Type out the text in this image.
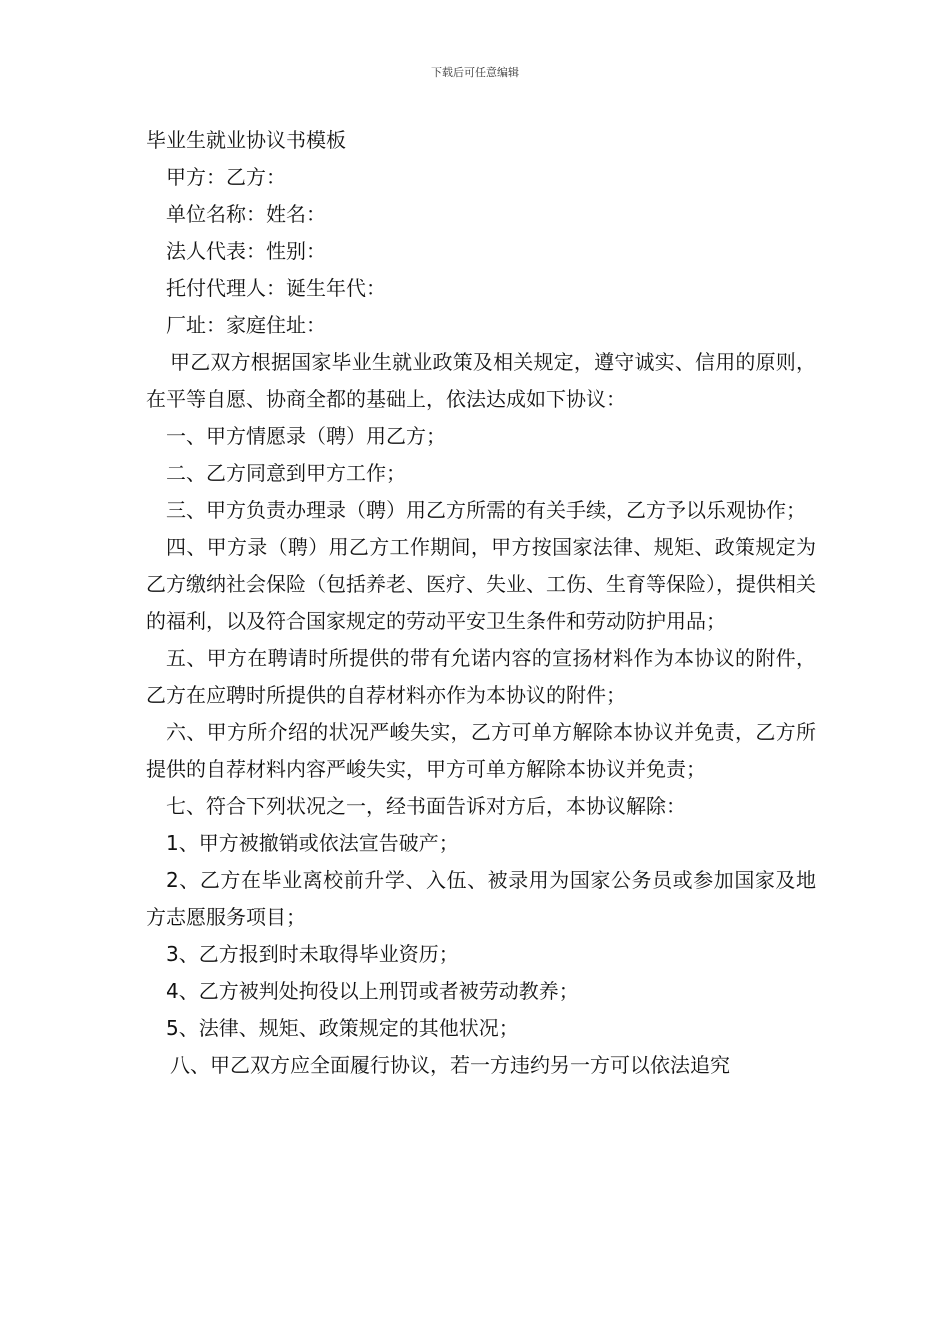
下载后可任意编辑
毕业生就业协议书模板

甲方：乙方：

单位名称：姓名：

法人代表：性别：

托付代理人：诞生年代：

厂址：家庭住址：

甲乙双方根据国家毕业生就业政策及相关规定，遵守诚实、信用的原则，在平等自愿、协商全都的基础上，依法达成如下协议：

一、甲方情愿录（聘）用乙方；

二、乙方同意到甲方工作；

三、甲方负责办理录（聘）用乙方所需的有关手续，乙方予以乐观协作；

四、甲方录（聘）用乙方工作期间，甲方按国家法律、规矩、政策规定为乙方缴纳社会保险（包括养老、医疗、失业、工伤、生育等保险），提供相关的福利，以及符合国家规定的劳动平安卫生条件和劳动防护用品；

五、甲方在聘请时所提供的带有允诺内容的宣扬材料作为本协议的附件，乙方在应聘时所提供的自荐材料亦作为本协议的附件；

六、甲方所介绍的状况严峻失实，乙方可单方解除本协议并免责，乙方所提供的自荐材料内容严峻失实，甲方可单方解除本协议并免责；

七、符合下列状况之一，经书面告诉对方后，本协议解除：

1、甲方被撤销或依法宣告破产；

2、乙方在毕业离校前升学、入伍、被录用为国家公务员或参加国家及地方志愿服务项目；

3、乙方报到时未取得毕业资历；

4、乙方被判处拘役以上刑罚或者被劳动教养；

5、法律、规矩、政策规定的其他状况；

八、甲乙双方应全面履行协议，若一方违约另一方可以依法追究
